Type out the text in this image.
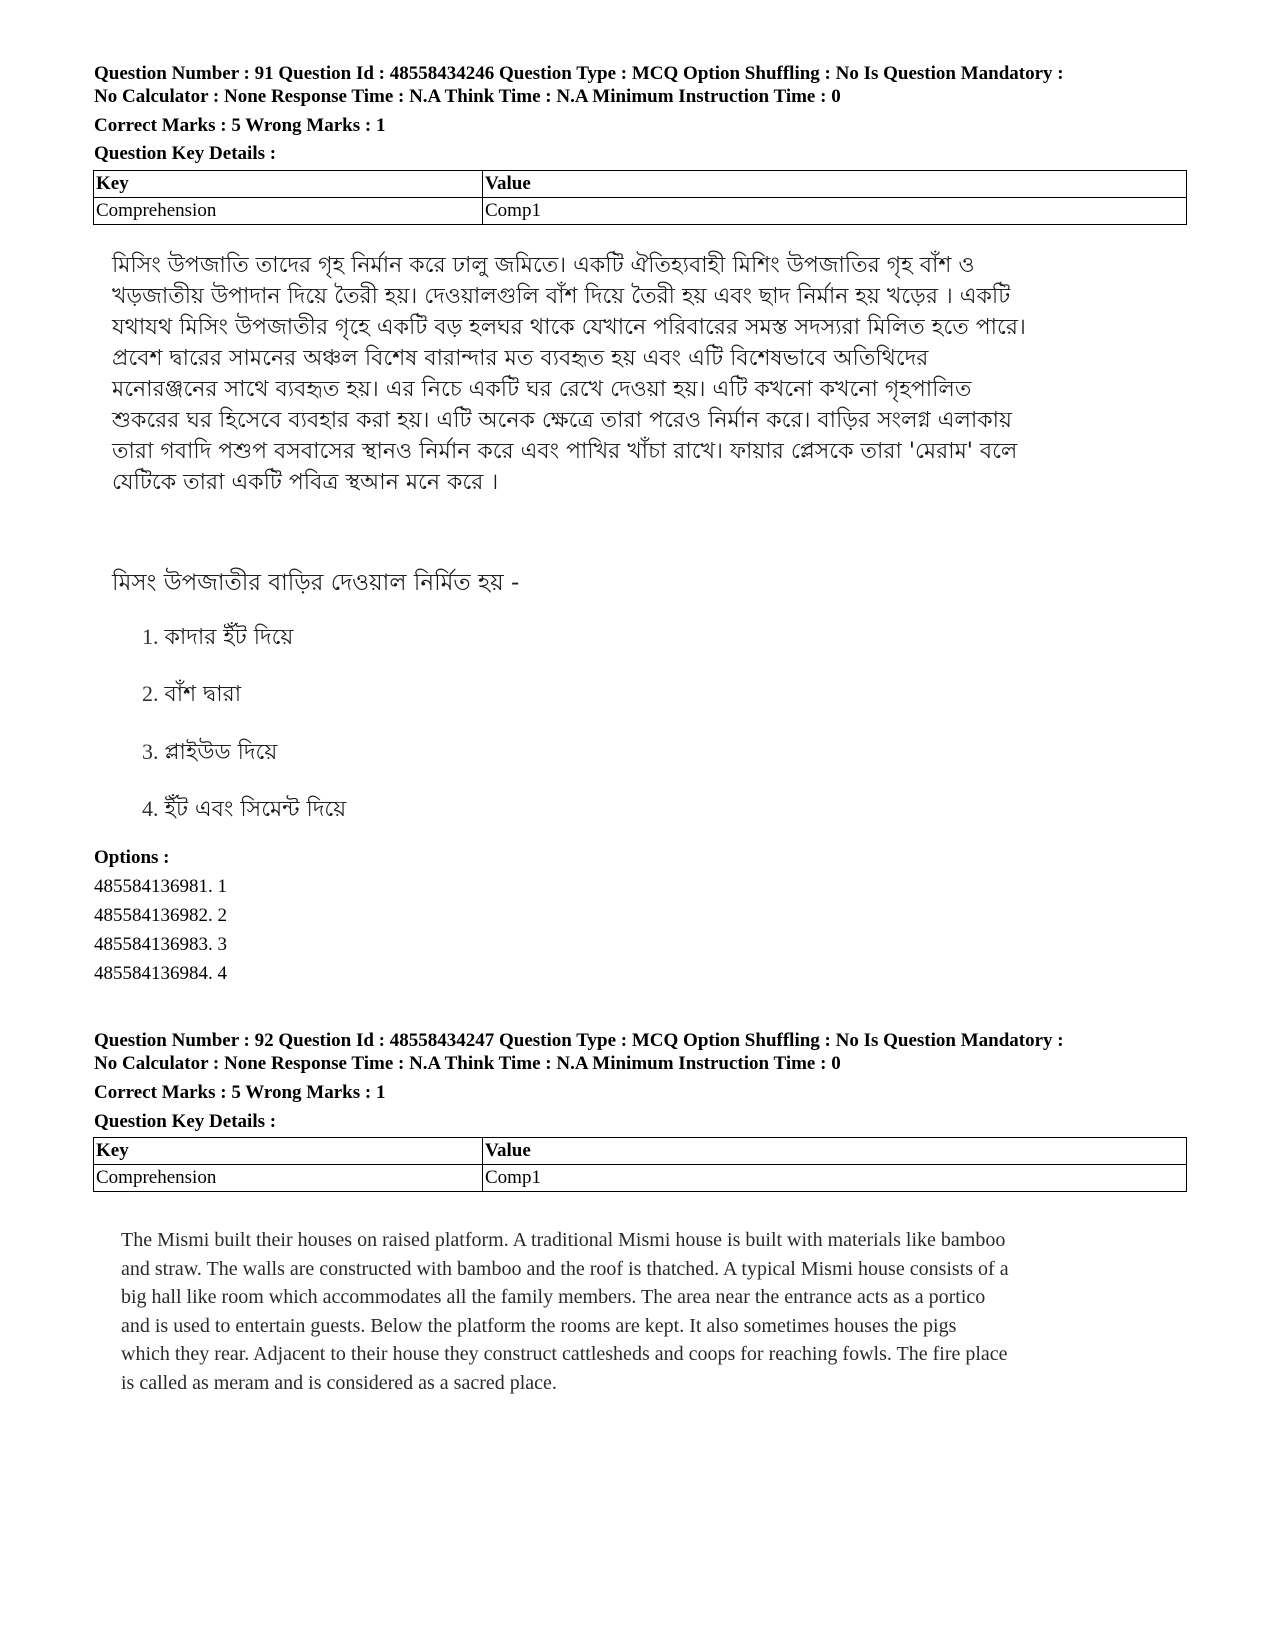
Question Number : 91 Question Id : 48558434246 Question Type : MCQ Option Shuffling : No Is Question Mandatory :
No Calculator : None Response Time : N.A Think Time : N.A Minimum Instruction Time : 0
Correct Marks : 5 Wrong Marks : 1
Question Key Details :
Key	Value
Comprehension	Comp1
মিসিং উপজাতি তাদের গৃহ নির্মান করে ঢালু জমিতে। একটি ঐতিহ্যবাহী মিশিং উপজাতির গৃহ বাঁশ ও
খড়জাতীয় উপাদান দিয়ে তৈরী হয়। দেওয়ালগুলি বাঁশ দিয়ে তৈরী হয় এবং ছাদ নির্মান হয় খড়ের । একটি
যথাযথ মিসিং উপজাতীর গৃহে একটি বড় হলঘর থাকে যেখানে পরিবারের সমস্ত সদস্যরা মিলিত হতে পারে।
প্রবেশ দ্বারের সামনের অঞ্চল বিশেষ বারান্দার মত ব্যবহৃত হয় এবং এটি বিশেষভাবে অতিথিদের
মনোরঞ্জনের সাথে ব্যবহৃত হয়। এর নিচে একটি ঘর রেখে দেওয়া হয়। এটি কখনো কখনো গৃহপালিত
শুকরের ঘর হিসেবে ব্যবহার করা হয়। এটি অনেক ক্ষেত্রে তারা পরেও নির্মান করে। বাড়ির সংলগ্ন এলাকায়
তারা গবাদি পশুপ বসবাসের স্থানও নির্মান করে এবং পাখির খাঁচা রাখে। ফায়ার প্লেসকে তারা 'মেরাম' বলে
যেটিকে তারা একটি পবিত্র স্থআন মনে করে ।
মিসং উপজাতীর বাড়ির দেওয়াল নির্মিত হয় -
1. কাদার ইঁট দিয়ে
2. বাঁশ দ্বারা
3. প্লাইউড দিয়ে
4. ইঁট এবং সিমেন্ট দিয়ে
Options :
485584136981. 1
485584136982. 2
485584136983. 3
485584136984. 4
Question Number : 92 Question Id : 48558434247 Question Type : MCQ Option Shuffling : No Is Question Mandatory :
No Calculator : None Response Time : N.A Think Time : N.A Minimum Instruction Time : 0
Correct Marks : 5 Wrong Marks : 1
Question Key Details :
Key	Value
Comprehension	Comp1
The Mismi built their houses on raised platform. A traditional Mismi house is built with materials like bamboo
and straw. The walls are constructed with bamboo and the roof is thatched. A typical Mismi house consists of a
big hall like room which accommodates all the family members. The area near the entrance acts as a portico
and is used to entertain guests. Below the platform the rooms are kept. It also sometimes houses the pigs
which they rear. Adjacent to their house they construct cattlesheds and coops for reaching fowls. The fire place
is called as meram and is considered as a sacred place.
